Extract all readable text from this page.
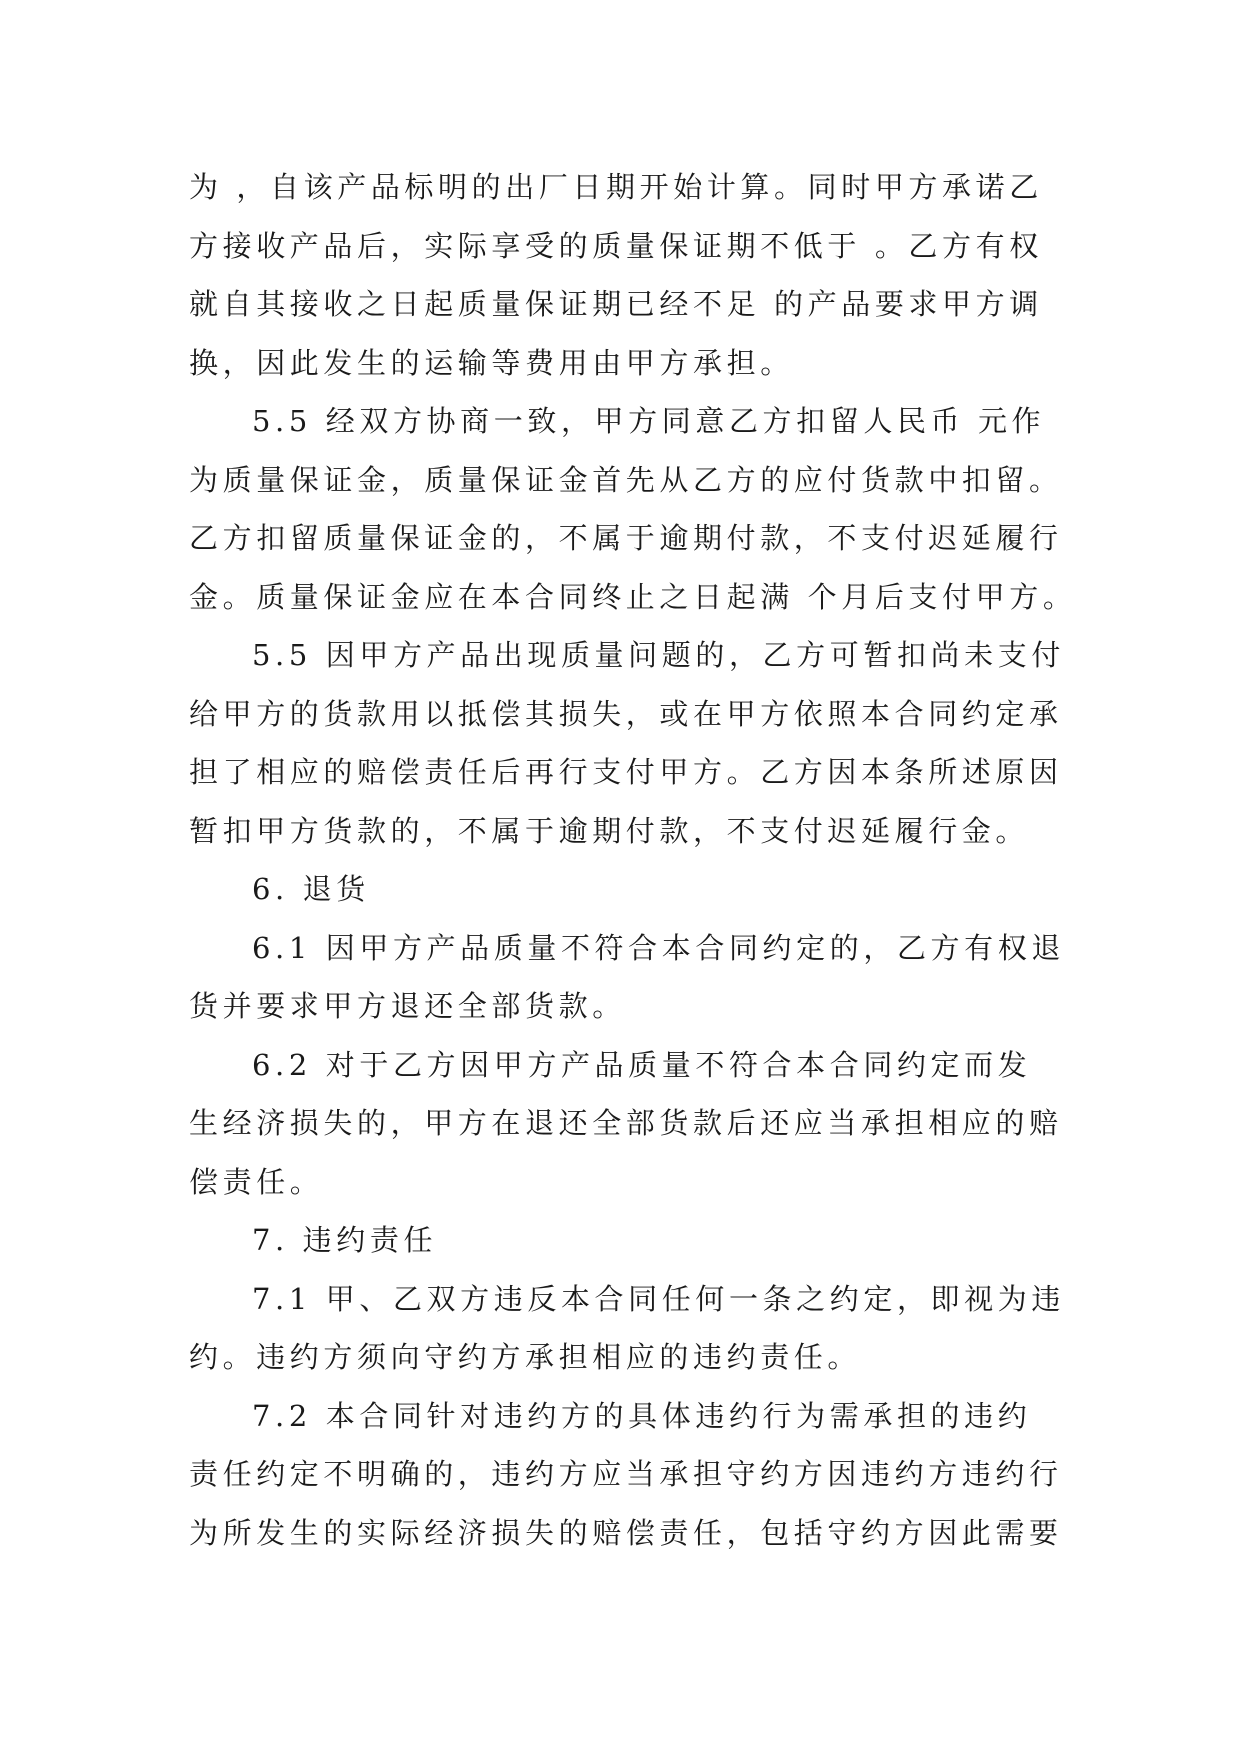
为 ，自该产品标明的出厂日期开始计算。同时甲方承诺乙
方接收产品后，实际享受的质量保证期不低于 。乙方有权
就自其接收之日起质量保证期已经不足 的产品要求甲方调
换，因此发生的运输等费用由甲方承担。
5.5 经双方协商一致，甲方同意乙方扣留人民币 元作
为质量保证金，质量保证金首先从乙方的应付货款中扣留。
乙方扣留质量保证金的，不属于逾期付款，不支付迟延履行
金。质量保证金应在本合同终止之日起满 个月后支付甲方。
5.5 因甲方产品出现质量问题的，乙方可暂扣尚未支付
给甲方的货款用以抵偿其损失，或在甲方依照本合同约定承
担了相应的赔偿责任后再行支付甲方。乙方因本条所述原因
暂扣甲方货款的，不属于逾期付款，不支付迟延履行金。
6. 退货
6.1 因甲方产品质量不符合本合同约定的，乙方有权退
货并要求甲方退还全部货款。
6.2 对于乙方因甲方产品质量不符合本合同约定而发
生经济损失的，甲方在退还全部货款后还应当承担相应的赔
偿责任。
7. 违约责任
7.1 甲、乙双方违反本合同任何一条之约定，即视为违
约。违约方须向守约方承担相应的违约责任。
7.2 本合同针对违约方的具体违约行为需承担的违约
责任约定不明确的，违约方应当承担守约方因违约方违约行
为所发生的实际经济损失的赔偿责任，包括守约方因此需要
